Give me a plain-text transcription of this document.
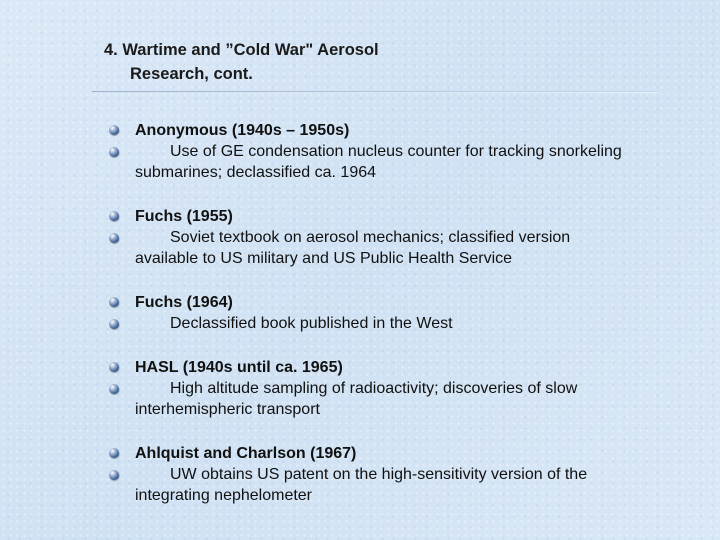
4. Wartime and ”Cold War" Aerosol
Research, cont.
Anonymous (1940s – 1950s)
Use of GE condensation nucleus counter for tracking snorkeling submarines; declassified ca. 1964
Fuchs (1955)
Soviet textbook on aerosol mechanics; classified version available to US military and US Public Health Service
Fuchs (1964)
Declassified book published in the West
HASL (1940s until ca. 1965)
High altitude sampling of radioactivity; discoveries of slow interhemispheric transport
Ahlquist and Charlson (1967)
UW obtains US patent on the high-sensitivity version of the integrating nephelometer
